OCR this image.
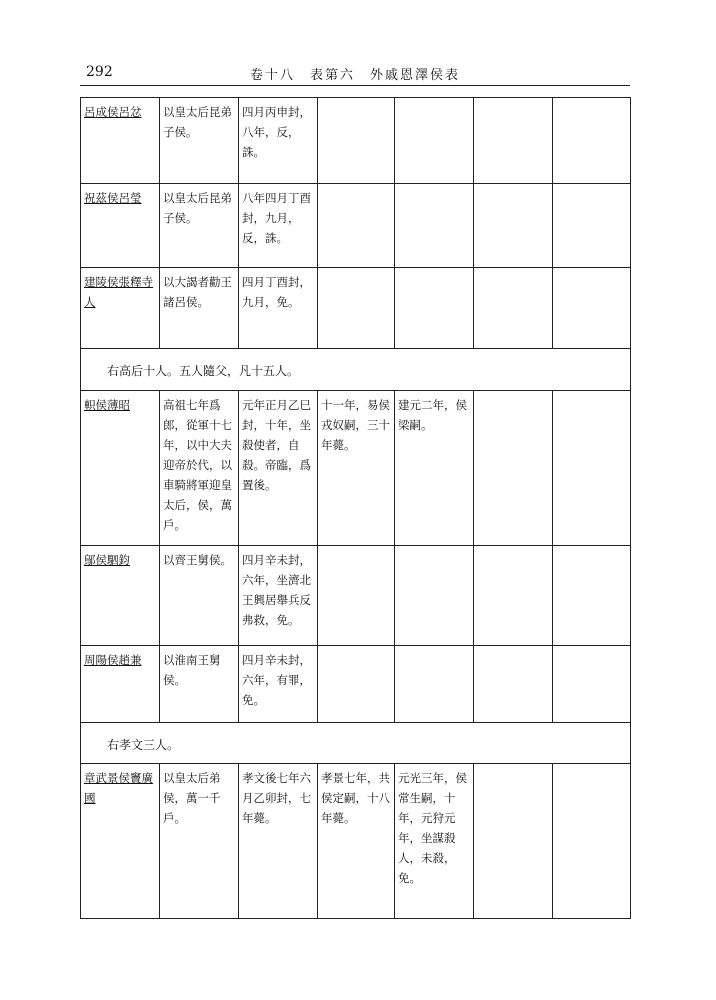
292	卷十八　表第六　外戚恩澤侯表
呂成侯呂忿	以皇太后昆弟子侯。	四月丙申封，八年，反，誅。				
祝茲侯呂瑩	以皇太后昆弟子侯。	八年四月丁酉封，九月，反，誅。				
建陵侯張釋寺人	以大謁者勸王諸呂侯。	四月丁酉封，九月，免。				
右高后十人。五人隨父，凡十五人。						
軹侯薄昭	高祖七年爲郎，從軍十七年，以中大夫迎帝於代，以車騎將軍迎皇太后，侯，萬戶。	元年正月乙巳封，十年，坐殺使者，自殺。帝臨，爲置後。	十一年，易侯戎奴嗣，三十年薨。	建元二年，侯梁嗣。		
鄔侯駟鈞	以齊王舅侯。	四月辛未封，六年，坐濟北王興居舉兵反弗救，免。				
周陽侯趙兼	以淮南王舅侯。	四月辛未封，六年，有罪，免。				
右孝文三人。						
章武景侯竇廣國	以皇太后弟侯，萬一千戶。	孝文後七年六月乙卯封，七年薨。	孝景七年，共侯定嗣，十八年薨。	元光三年，侯常生嗣，十年，元狩元年，坐謀殺人，未殺，免。		
